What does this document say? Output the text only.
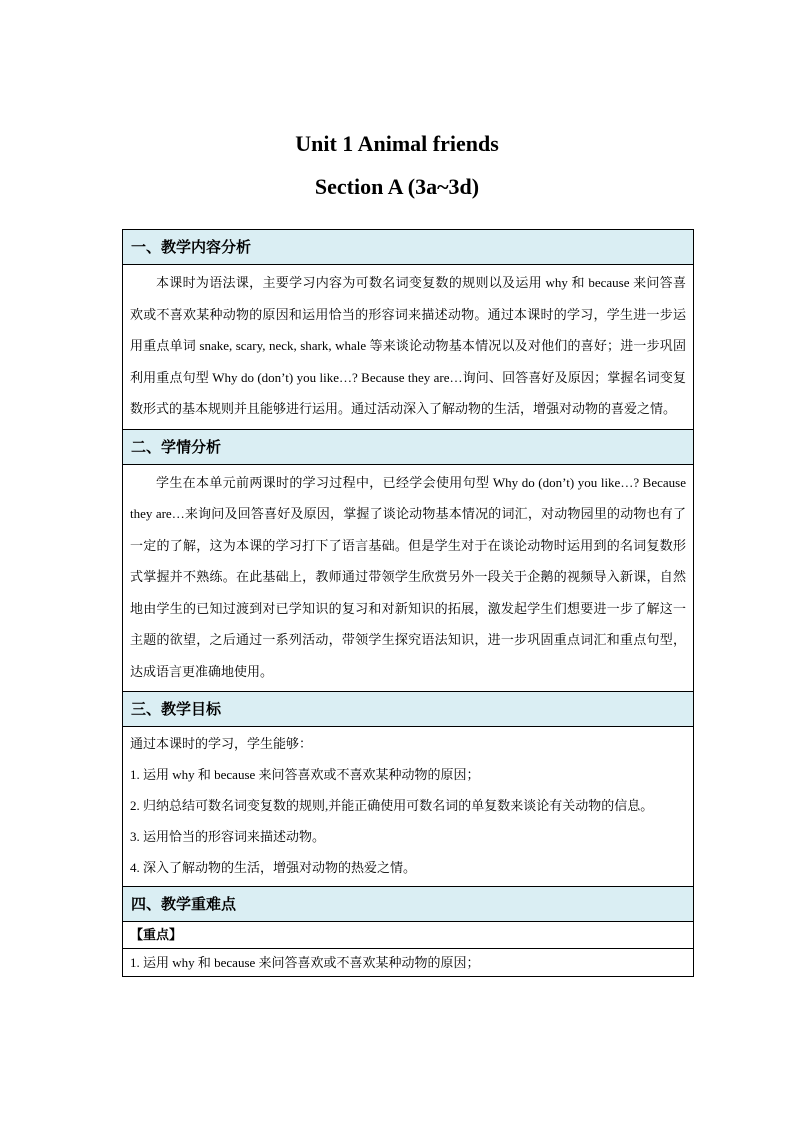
Unit 1 Animal friends
Section A (3a~3d)
一、教学内容分析

本课时为语法课，主要学习内容为可数名词变复数的规则以及运用 why 和 because 来问答喜欢或不喜欢某种动物的原因和运用恰当的形容词来描述动物。通过本课时的学习，学生进一步运用重点单词 snake, scary, neck, shark, whale 等来谈论动物基本情况以及对他们的喜好；进一步巩固利用重点句型 Why do (don’t) you like…? Because they are…询问、回答喜好及原因；掌握名词变复数形式的基本规则并且能够进行运用。通过活动深入了解动物的生活，增强对动物的喜爱之情。

二、学情分析

学生在本单元前两课时的学习过程中，已经学会使用句型 Why do (don’t) you like…? Because they are…来询问及回答喜好及原因，掌握了谈论动物基本情况的词汇，对动物园里的动物也有了一定的了解，这为本课的学习打下了语言基础。但是学生对于在谈论动物时运用到的名词复数形式掌握并不熟练。在此基础上，教师通过带领学生欣赏另外一段关于企鹅的视频导入新课，自然地由学生的已知过渡到对已学知识的复习和对新知识的拓展，激发起学生们想要进一步了解这一主题的欲望，之后通过一系列活动，带领学生探究语法知识，进一步巩固重点词汇和重点句型，达成语言更准确地使用。

三、教学目标

通过本课时的学习，学生能够：

1. 运用 why 和 because 来问答喜欢或不喜欢某种动物的原因；

2. 归纳总结可数名词变复数的规则,并能正确使用可数名词的单复数来谈论有关动物的信息。

3. 运用恰当的形容词来描述动物。

4. 深入了解动物的生活，增强对动物的热爱之情。

四、教学重难点

【重点】

1. 运用 why 和 because 来问答喜欢或不喜欢某种动物的原因；
